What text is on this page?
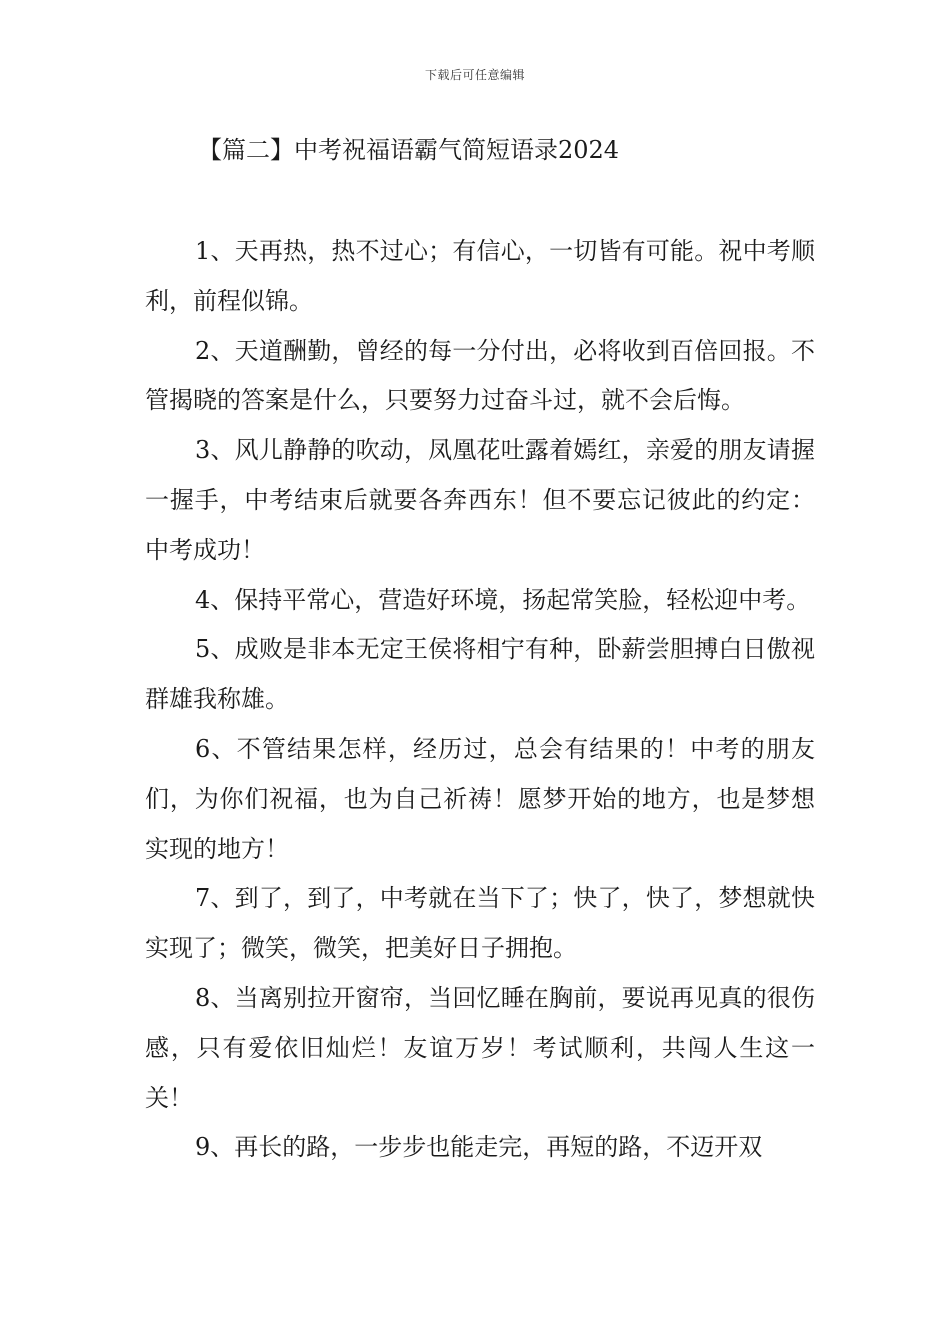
下载后可任意编辑
【篇二】中考祝福语霸气简短语录2024

1、天再热，热不过心；有信心，一切皆有可能。祝中考顺利，前程似锦。

2、天道酬勤，曾经的每一分付出，必将收到百倍回报。不管揭晓的答案是什么，只要努力过奋斗过，就不会后悔。

3、风儿静静的吹动，凤凰花吐露着嫣红，亲爱的朋友请握一握手，中考结束后就要各奔西东！但不要忘记彼此的约定：中考成功！

4、保持平常心，营造好环境，扬起常笑脸，轻松迎中考。

5、成败是非本无定王侯将相宁有种，卧薪尝胆搏白日傲视群雄我称雄。

6、不管结果怎样，经历过，总会有结果的！中考的朋友们，为你们祝福，也为自己祈祷！愿梦开始的地方，也是梦想实现的地方！

7、到了，到了，中考就在当下了；快了，快了，梦想就快实现了；微笑，微笑，把美好日子拥抱。

8、当离别拉开窗帘，当回忆睡在胸前，要说再见真的很伤感，只有爱依旧灿烂！友谊万岁！考试顺利，共闯人生这一关！

9、再长的路，一步步也能走完，再短的路，不迈开双
